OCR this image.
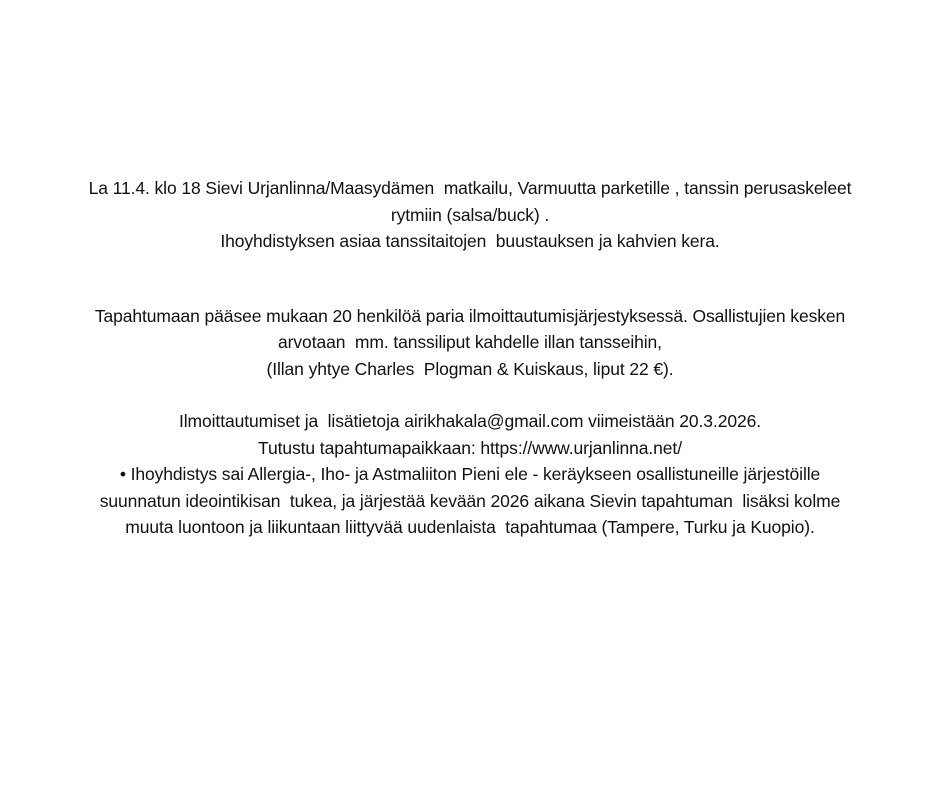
La 11.4. klo 18 Sievi Urjanlinna/Maasydämen  matkailu, Varmuutta parketille , tanssin perusaskeleet
rytmiin (salsa/buck) .
Ihoyhdistyksen asiaa tanssitaitojen  buustauksen ja kahvien kera.
Tapahtumaan pääsee mukaan 20 henkilöä paria ilmoittautumisjärjestyksessä. Osallistujien kesken
arvotaan  mm. tanssiliput kahdelle illan tansseihin,
(Illan yhtye Charles  Plogman & Kuiskaus, liput 22 €).
Ilmoittautumiset ja  lisätietoja airikhakala@gmail.com viimeistään 20.3.2026.
Tutustu tapahtumapaikkaan: https://www.urjanlinna.net/
• Ihoyhdistys sai Allergia-, Iho- ja Astmaliiton Pieni ele - keräykseen osallistuneille järjestöille
suunnatun ideointikisan  tukea, ja järjestää kevään 2026 aikana Sievin tapahtuman  lisäksi kolme
muuta luontoon ja liikuntaan liittyvää uudenlaista  tapahtumaa (Tampere, Turku ja Kuopio).
